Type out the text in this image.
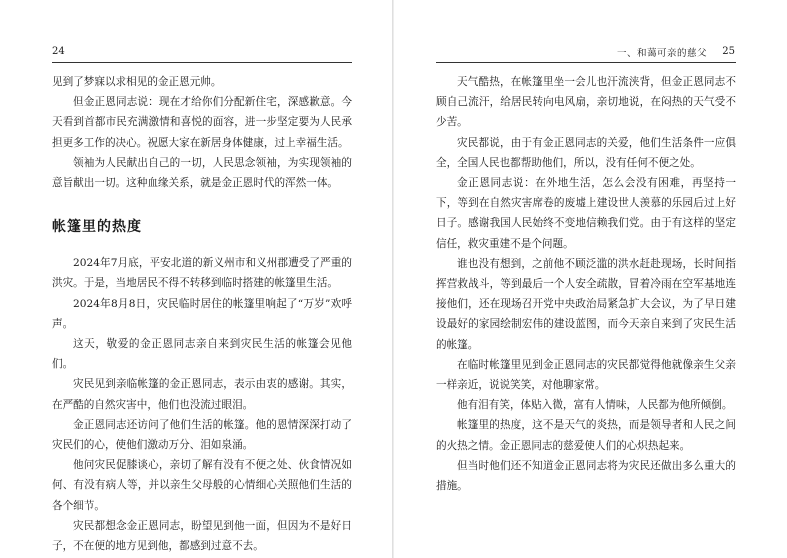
24

见到了梦寐以求相见的金正恩元帅。

但金正恩同志说：现在才给你们分配新住宅，深感歉意。今天看到首都市民充满激情和喜悦的面容，进一步坚定要为人民承担更多工作的决心。祝愿大家在新居身体健康，过上幸福生活。

领袖为人民献出自己的一切，人民思念领袖，为实现领袖的意旨献出一切。这种血缘关系，就是金正恩时代的浑然一体。

帐篷里的热度

2024年7月底，平安北道的新义州市和义州郡遭受了严重的洪灾。于是，当地居民不得不转移到临时搭建的帐篷里生活。

2024年8月8日，灾民临时居住的帐篷里响起了“万岁”欢呼声。

这天，敬爱的金正恩同志亲自来到灾民生活的帐篷会见他们。

灾民见到亲临帐篷的金正恩同志，表示由衷的感谢。其实，在严酷的自然灾害中，他们也没流过眼泪。

金正恩同志还访问了他们生活的帐篷。他的恩情深深打动了灾民们的心，使他们激动万分、泪如泉涌。

他问灾民促膝谈心，亲切了解有没有不便之处、伙食情况如何、有没有病人等，并以亲生父母般的心情细心关照他们生活的各个细节。

灾民都想念金正恩同志，盼望见到他一面，但因为不是好日子，不在便的地方见到他，都感到过意不去。

一、和蔼可亲的慈父 25

天气酷热，在帐篷里坐一会儿也汗流浃背，但金正恩同志不顾自己流汗，给居民转向电风扇，亲切地说，在闷热的天气受不少苦。

灾民都说，由于有金正恩同志的关爱，他们生活条件一应俱全，全国人民也都帮助他们，所以，没有任何不便之处。

金正恩同志说：在外地生活，怎么会没有困难，再坚持一下，等到在自然灾害席卷的废墟上建设世人羡慕的乐园后过上好日子。感谢我国人民始终不变地信赖我们党。由于有这样的坚定信任，救灾重建不是个问题。

谁也没有想到，之前他不顾泛滥的洪水赶赴现场，长时间指挥营救战斗，等到最后一个人安全疏散，冒着冷雨在空军基地连接他们，还在现场召开党中央政治局紧急扩大会议，为了早日建设最好的家园绘制宏伟的建设蓝图，而今天亲自来到了灾民生活的帐篷。

在临时帐篷里见到金正恩同志的灾民都觉得他就像亲生父亲一样亲近，说说笑笑，对他聊家常。

他有泪有笑，体贴入微，富有人情味，人民都为他所倾倒。

帐篷里的热度，这不是天气的炎热，而是领导者和人民之间的火热之情。金正恩同志的慈爱使人们的心炽热起来。

但当时他们还不知道金正恩同志将为灾民还做出多么重大的措施。
